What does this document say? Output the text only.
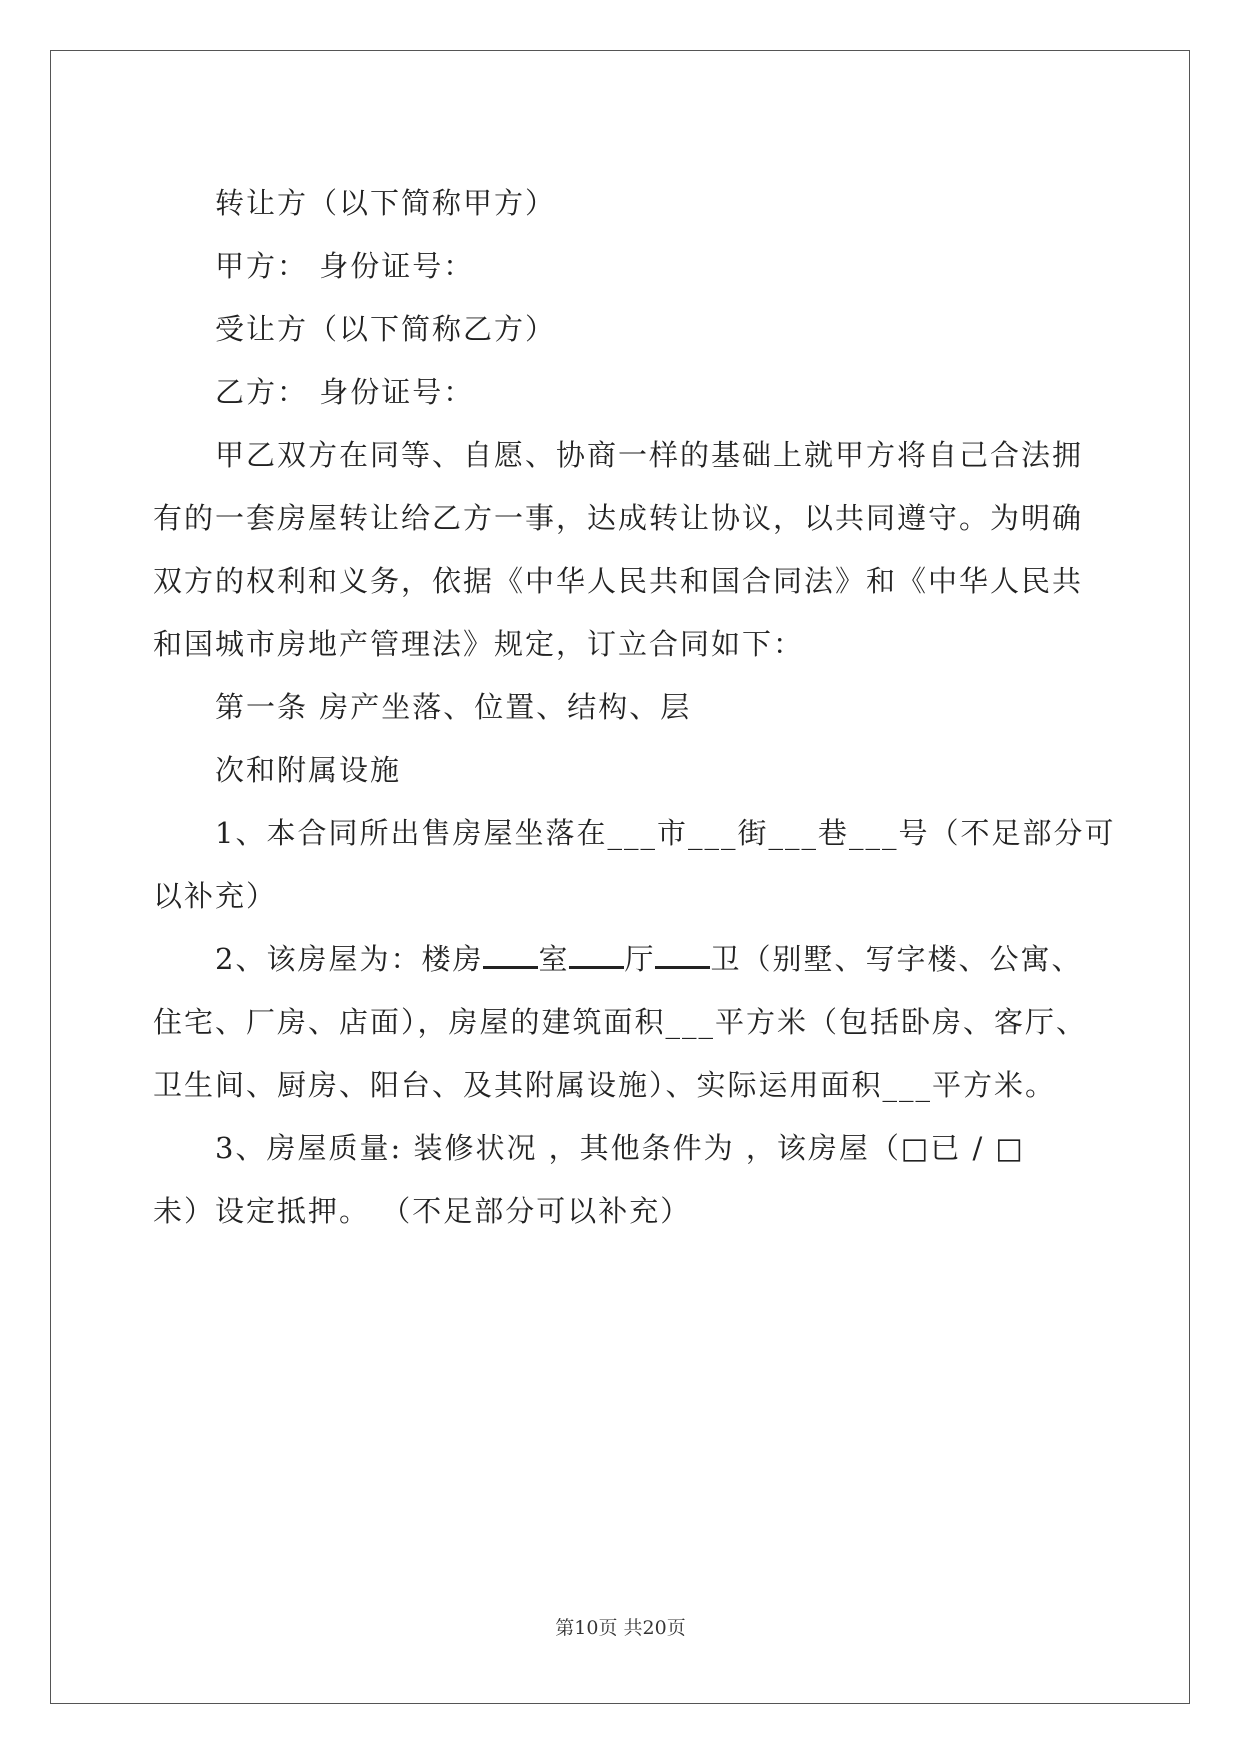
转让方（以下简称甲方）
甲方： 身份证号：
受让方（以下简称乙方）
乙方： 身份证号：
甲乙双方在同等、自愿、协商一样的基础上就甲方将自己合法拥
有的一套房屋转让给乙方一事，达成转让协议，以共同遵守。为明确
双方的权利和义务，依据《中华人民共和国合同法》和《中华人民共
和国城市房地产管理法》规定，订立合同如下：
第一条 房产坐落、位置、结构、层
次和附属设施
1、本合同所出售房屋坐落在___市___街___巷___号（不足部分可
以补充）
2、该房屋为：楼房 室 厅 卫（别墅、写字楼、公寓、
住宅、厂房、店面），房屋的建筑面积___平方米（包括卧房、客厅、
卫生间、厨房、阳台、及其附属设施）、实际运用面积___平方米。
3、房屋质量: 装修状况 ，其他条件为 ，该房屋（□已 / □
未）设定抵押。 （不足部分可以补充）
第10页 共20页
